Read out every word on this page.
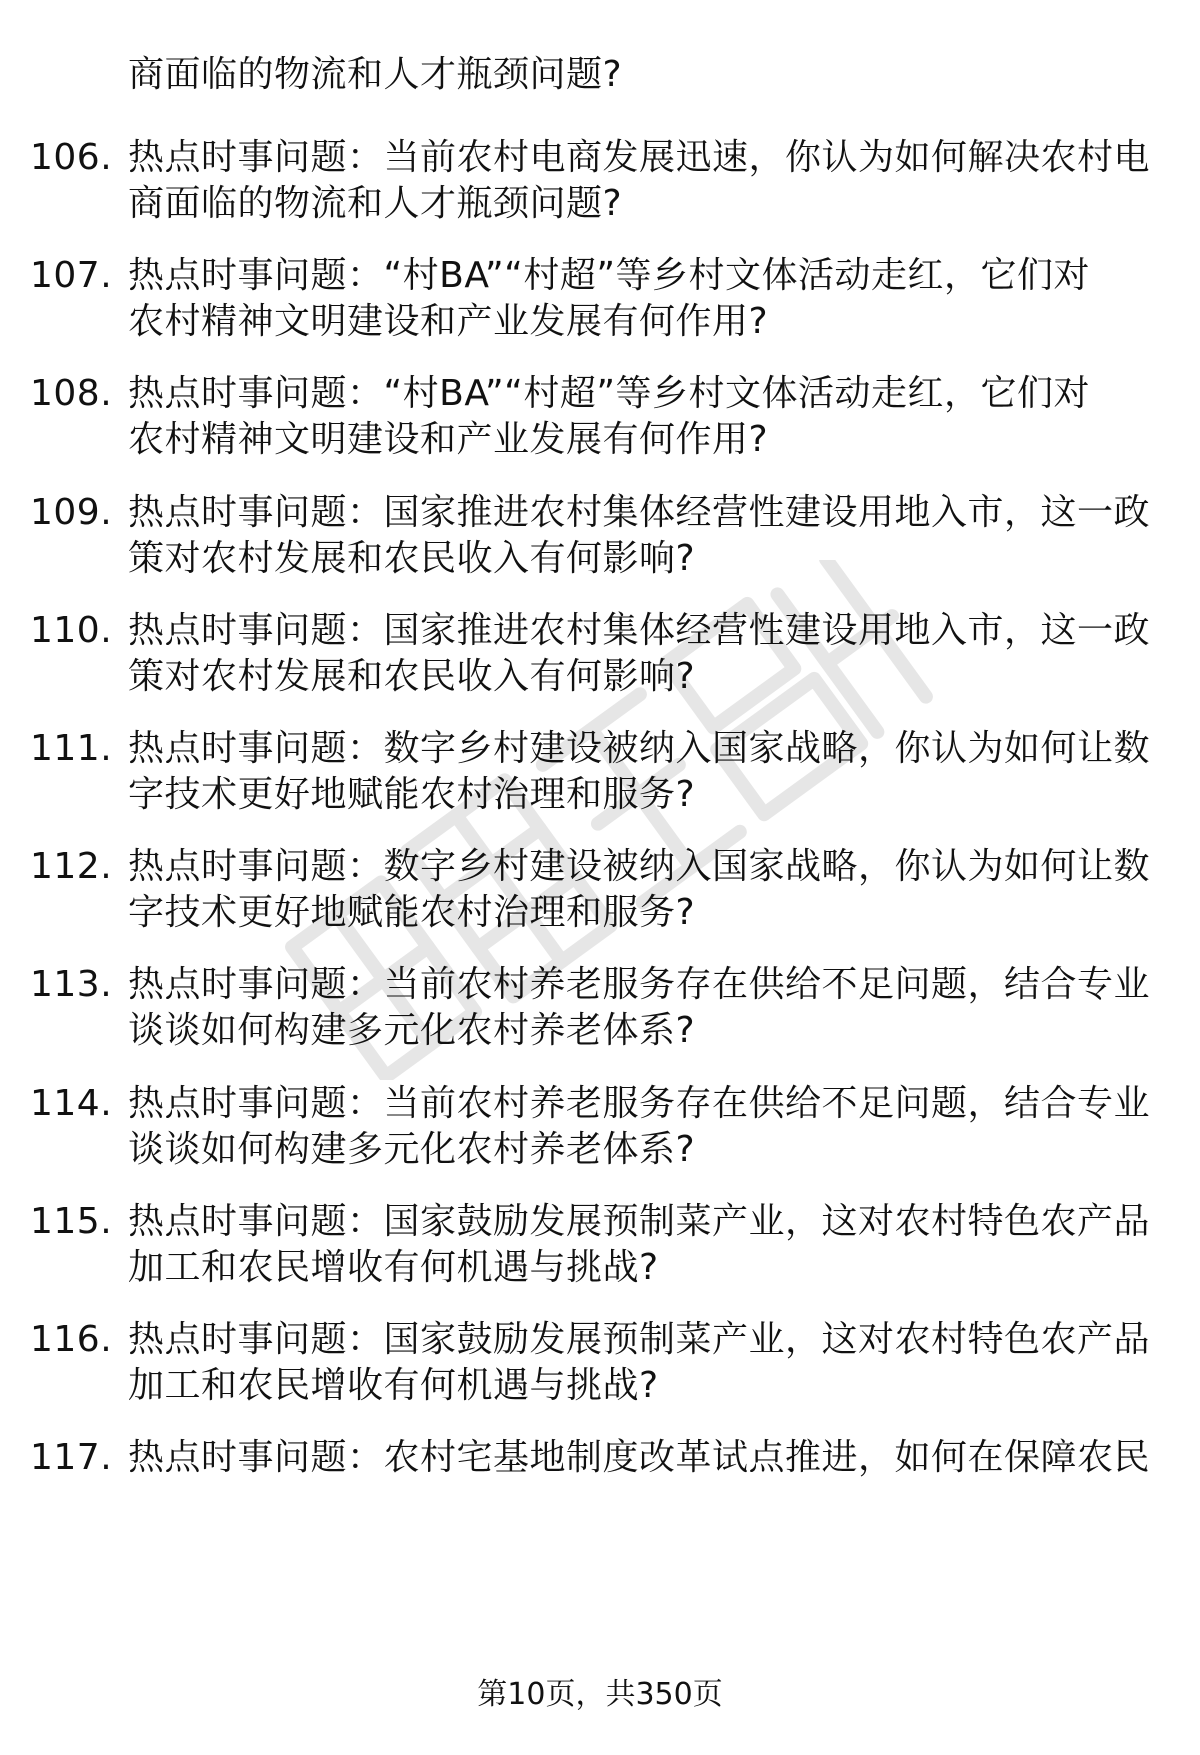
商面临的物流和人才瓶颈问题?
106. 热点时事问题：当前农村电商发展迅速，你认为如何解决农村电
商面临的物流和人才瓶颈问题?
107. 热点时事问题：“村BA”“村超”等乡村文体活动走红，它们对
农村精神文明建设和产业发展有何作用?
108. 热点时事问题：“村BA”“村超”等乡村文体活动走红，它们对
农村精神文明建设和产业发展有何作用?
109. 热点时事问题：国家推进农村集体经营性建设用地入市，这一政
策对农村发展和农民收入有何影响?
110. 热点时事问题：国家推进农村集体经营性建设用地入市，这一政
策对农村发展和农民收入有何影响?
111. 热点时事问题：数字乡村建设被纳入国家战略，你认为如何让数
字技术更好地赋能农村治理和服务?
112. 热点时事问题：数字乡村建设被纳入国家战略，你认为如何让数
字技术更好地赋能农村治理和服务?
113. 热点时事问题：当前农村养老服务存在供给不足问题，结合专业
谈谈如何构建多元化农村养老体系?
114. 热点时事问题：当前农村养老服务存在供给不足问题，结合专业
谈谈如何构建多元化农村养老体系?
115. 热点时事问题：国家鼓励发展预制菜产业，这对农村特色农产品
加工和农民增收有何机遇与挑战?
116. 热点时事问题：国家鼓励发展预制菜产业，这对农村特色农产品
加工和农民增收有何机遇与挑战?
117. 热点时事问题：农村宅基地制度改革试点推进，如何在保障农民
第10页，共350页
